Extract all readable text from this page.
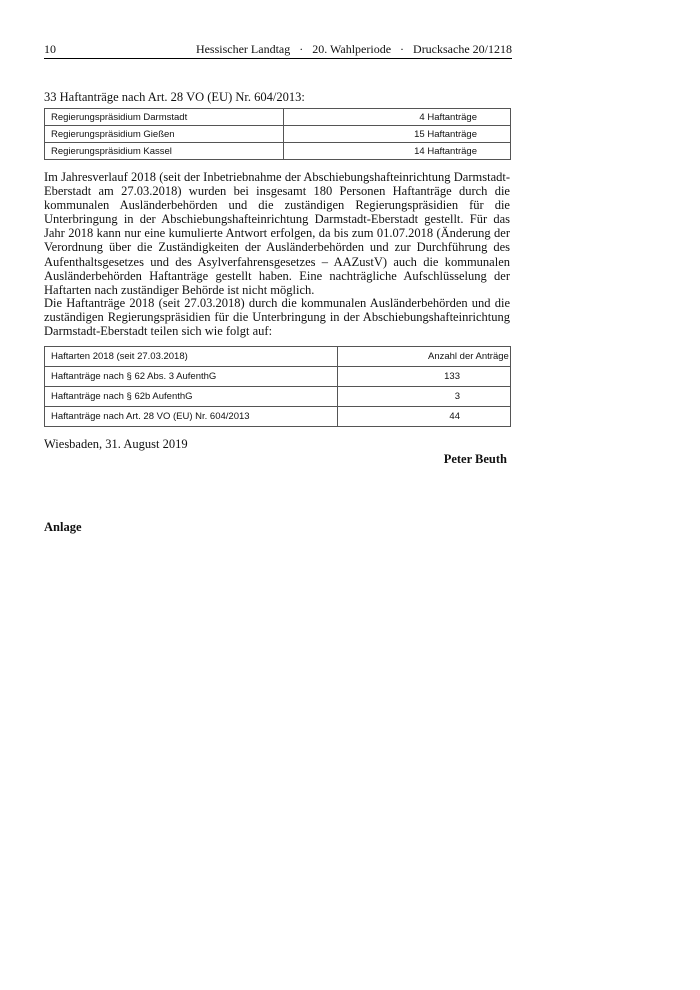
10	Hessischer Landtag   ·   20. Wahlperiode   ·   Drucksache 20/1218
33 Haftanträge nach Art. 28 VO (EU) Nr. 604/2013:
Regierungspräsidium Darmstadt	4 Haftanträge
Regierungspräsidium Gießen	15 Haftanträge
Regierungspräsidium Kassel	14 Haftanträge
Im Jahresverlauf 2018 (seit der Inbetriebnahme der Abschiebungshafteinrichtung Darmstadt-Eberstadt am 27.03.2018) wurden bei insgesamt 180 Personen Haftanträge durch die kommunalen Ausländerbehörden und die zuständigen Regierungspräsidien für die Unterbringung in der Abschiebungshafteinrichtung Darmstadt-Eberstadt gestellt. Für das Jahr 2018 kann nur eine kumulierte Antwort erfolgen, da bis zum 01.07.2018 (Änderung der Verordnung über die Zuständigkeiten der Ausländerbehörden und zur Durchführung des Aufenthaltsgesetzes und des Asylverfahrensgesetzes – AAZustV) auch die kommunalen Ausländerbehörden Haftanträge gestellt haben. Eine nachträgliche Aufschlüsselung der Haftarten nach zuständiger Behörde ist nicht möglich.
Die Haftanträge 2018 (seit 27.03.2018) durch die kommunalen Ausländerbehörden und die zuständigen Regierungspräsidien für die Unterbringung in der Abschiebungshafteinrichtung Darmstadt-Eberstadt teilen sich wie folgt auf:
Haftarten 2018 (seit 27.03.2018)	Anzahl der Anträge
Haftanträge nach § 62 Abs. 3 AufenthG	133
Haftanträge nach § 62b AufenthG	3
Haftanträge nach Art. 28 VO (EU) Nr. 604/2013	44
Wiesbaden, 31. August 2019
Peter Beuth
Anlage
